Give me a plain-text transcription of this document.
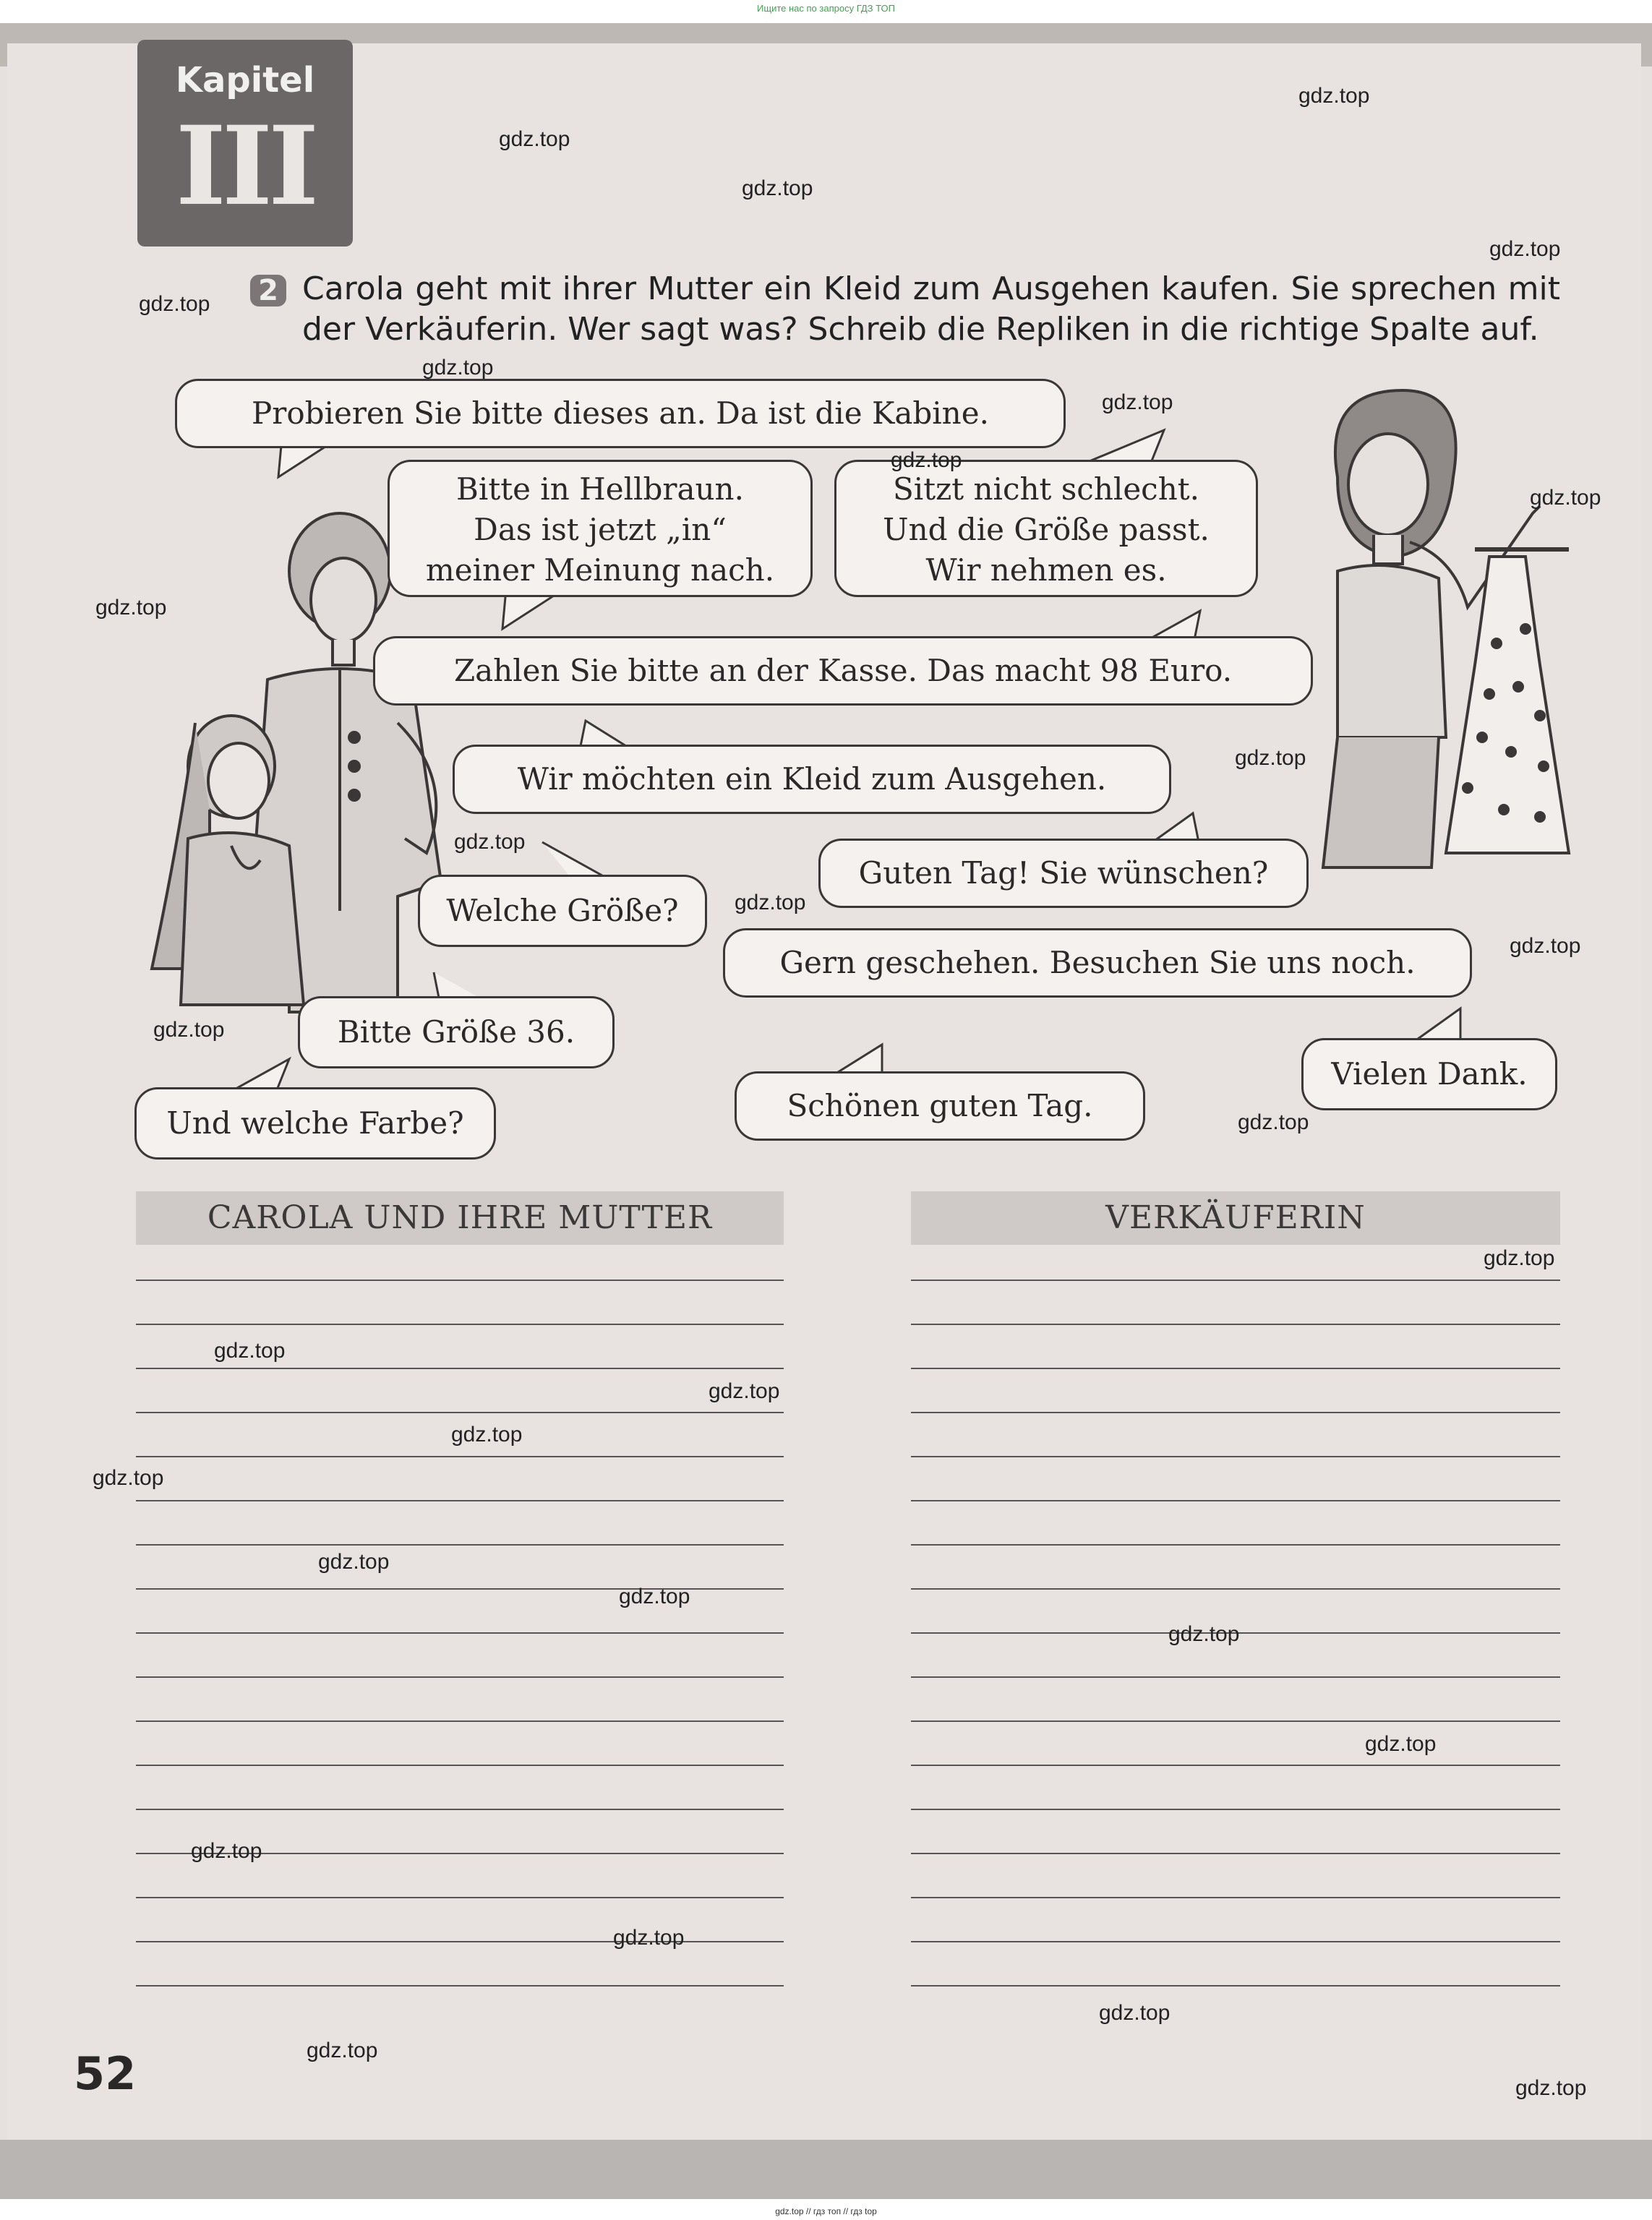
Ищите нас по запросу ГДЗ ТОП
Kapitel
III
2 Carola geht mit ihrer Mutter ein Kleid zum Ausgehen kaufen. Sie sprechen mit der Verkäuferin. Wer sagt was? Schreib die Repliken in die richtige Spalte auf.
Probieren Sie bitte dieses an. Da ist die Kabine.
Bitte in Hellbraun.
Das ist jetzt „in“
meiner Meinung nach.
Sitzt nicht schlecht.
Und die Größe passt.
Wir nehmen es.
Zahlen Sie bitte an der Kasse. Das macht 98 Euro.
Wir möchten ein Kleid zum Ausgehen.
Guten Tag! Sie wünschen?
Welche Größe?
Gern geschehen. Besuchen Sie uns noch.
Bitte Größe 36.
Vielen Dank.
Schönen guten Tag.
Und welche Farbe?
CAROLA UND IHRE MUTTER	VERKÄUFERIN
52
gdz.top
gdz.top
gdz.top
gdz.top
gdz.top
gdz.top
gdz.top
gdz.top
gdz.top
gdz.top
gdz.top
gdz.top
gdz.top
gdz.top
gdz.top
gdz.top
gdz.top
gdz.top
gdz.top
gdz.top
gdz.top
gdz.top
gdz.top
gdz.top
gdz.top
gdz.top
gdz.top
gdz.top
gdz.top
gdz.top
gdz.top // гдз топ // гдз top
